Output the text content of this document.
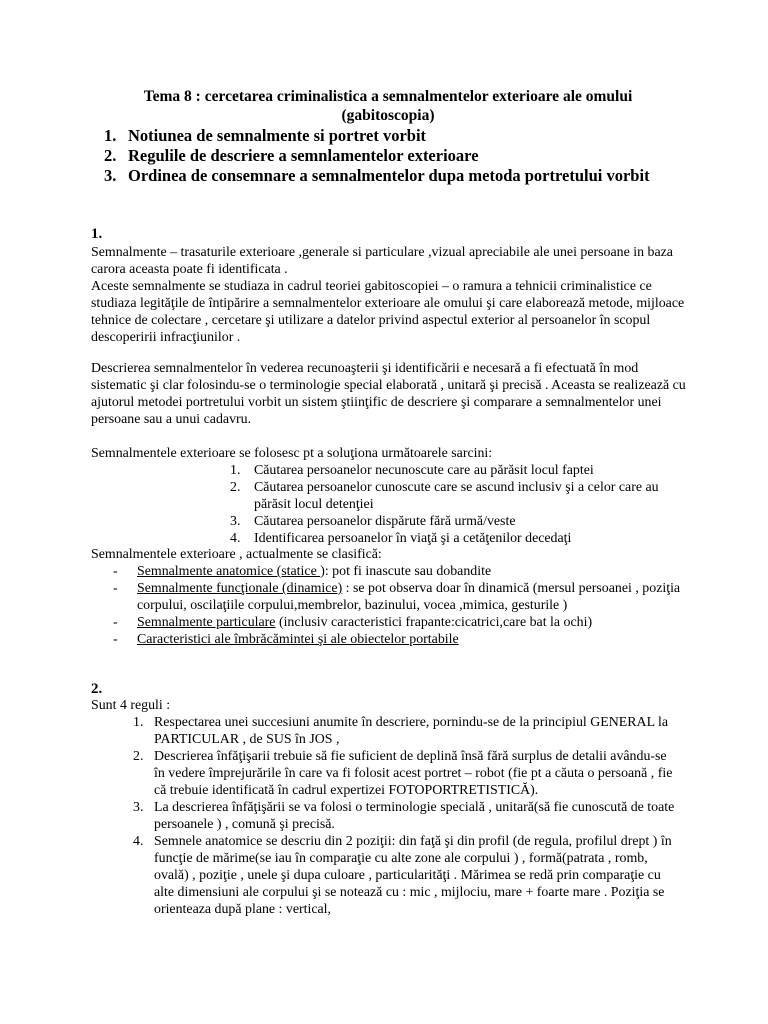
Tema 8 : cercetarea criminalistica a semnalmentelor exterioare ale omului
(gabitoscopia)
1. Notiunea de semnalmente si portret vorbit
2. Regulile de descriere a semnlamentelor exterioare
3. Ordinea de consemnare a semnalmentelor dupa metoda portretului vorbit
1.
Semnalmente – trasaturile exterioare ,generale si particulare ,vizual apreciabile ale unei persoane in baza carora aceasta poate fi identificata .
Aceste semnalmente se studiaza in cadrul teoriei gabitoscopiei – o ramura a tehnicii criminalistice ce studiaza legităţile de întipărire a semnalmentelor exterioare ale omului şi care elaborează metode, mijloace tehnice de colectare , cercetare şi utilizare a datelor privind aspectul exterior al persoanelor în scopul descoperirii infracţiunilor .
Descrierea semnalmentelor în vederea recunoaşterii şi identificării e necesară a fi efectuată în mod sistematic şi clar folosindu-se o terminologie special elaborată , unitară şi precisă . Aceasta se realizează cu ajutorul metodei portretului vorbit un sistem ştiinţific de descriere şi comparare a semnalmentelor unei persoane sau a unui cadavru.
Semnalmentele exterioare se folosesc pt a soluţiona următoarele sarcini:
1. Căutarea persoanelor necunoscute care au părăsit locul faptei
2. Căutarea persoanelor cunoscute care se ascund inclusiv şi a celor care au părăsit locul detenţiei
3. Căutarea persoanelor dispărute fără urmă/veste
4. Identificarea persoanelor în viaţă şi a cetăţenilor decedaţi
Semnalmentele exterioare , actualmente se clasifică:
- Semnalmente anatomice (statice ): pot fi inascute sau dobandite
- Semnalmente funcţionale (dinamice) : se pot observa doar în dinamică (mersul persoanei , poziţia corpului, oscilaţiile corpului,membrelor, bazinului, vocea ,mimica, gesturile )
- Semnalmente particulare (inclusiv caracteristici frapante:cicatrici,care bat la ochi)
- Caracteristici ale îmbrăcămintei şi ale obiectelor portabile
2.
Sunt 4 reguli :
1. Respectarea unei succesiuni anumite în descriere, pornindu-se de la principiul GENERAL la PARTICULAR , de SUS în JOS ,
2. Descrierea înfăţişarii trebuie să fie suficient de deplină însă fără surplus de detalii avându-se în vedere împrejurările în care va fi folosit acest portret – robot (fie pt a căuta o persoană , fie că trebuie identificată în cadrul expertizei FOTOPORTRETISTICĂ).
3. La descrierea înfăţişării se va folosi o terminologie specială , unitară(să fie cunoscută de toate persoanele ) , comună şi precisă.
4. Semnele anatomice se descriu din 2 poziţii: din faţă şi din profil (de regula, profilul drept ) în funcţie de mărime(se iau în comparaţie cu alte zone ale corpului ) , formă(patrata , romb, ovală) , poziţie , unele şi dupa culoare , particularităţi . Mărimea se redă prin comparaţie cu alte dimensiuni ale corpului şi se notează cu : mic , mijlociu, mare + foarte mare . Poziţia se orienteaza după plane : vertical,
